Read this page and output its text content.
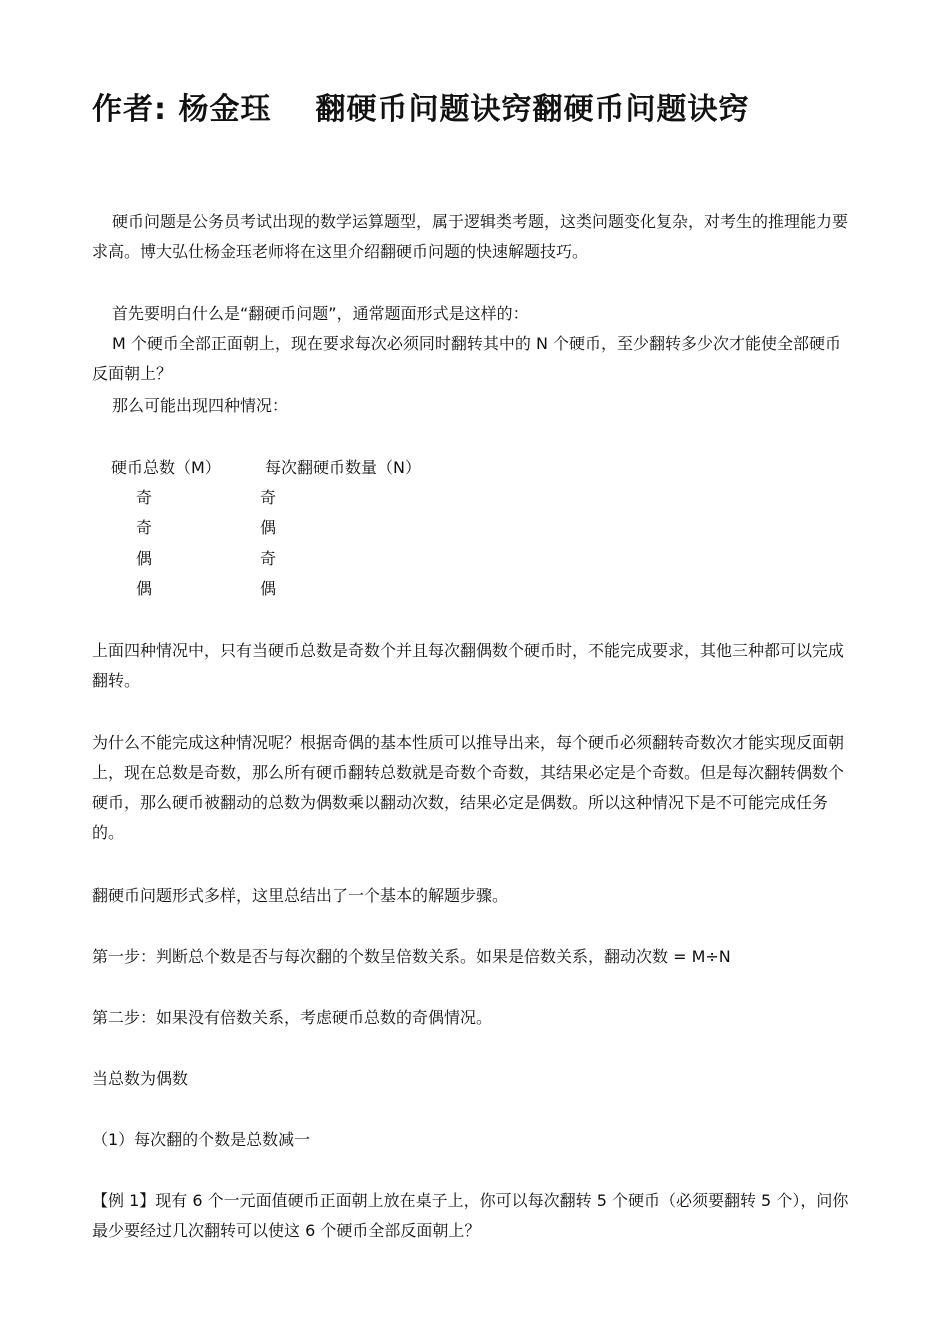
作者: 杨金珏 翻硬币问题诀窍翻硬币问题诀窍

硬币问题是公务员考试出现的数学运算题型，属于逻辑类考题，这类问题变化复杂，对考生的推理能力要求高。博大弘仕杨金珏老师将在这里介绍翻硬币问题的快速解题技巧。

首先要明白什么是“翻硬币问题”，通常题面形式是这样的：

M 个硬币全部正面朝上，现在要求每次必须同时翻转其中的 N 个硬币，至少翻转多少次才能使全部硬币反面朝上？

那么可能出现四种情况：

硬币总数（M）	每次翻硬币数量（N）
奇	奇
奇	偶
偶	奇
偶	偶

上面四种情况中，只有当硬币总数是奇数个并且每次翻偶数个硬币时，不能完成要求，其他三种都可以完成翻转。

为什么不能完成这种情况呢？根据奇偶的基本性质可以推导出来，每个硬币必须翻转奇数次才能实现反面朝上，现在总数是奇数，那么所有硬币翻转总数就是奇数个奇数，其结果必定是个奇数。但是每次翻转偶数个硬币，那么硬币被翻动的总数为偶数乘以翻动次数，结果必定是偶数。所以这种情况下是不可能完成任务的。

翻硬币问题形式多样，这里总结出了一个基本的解题步骤。

第一步：判断总个数是否与每次翻的个数呈倍数关系。如果是倍数关系，翻动次数 = M÷N

第二步：如果没有倍数关系，考虑硬币总数的奇偶情况。

当总数为偶数

（1）每次翻的个数是总数减一

【例 1】现有 6 个一元面值硬币正面朝上放在桌子上，你可以每次翻转 5 个硬币（必须要翻转 5 个），问你最少要经过几次翻转可以使这 6 个硬币全部反面朝上？
